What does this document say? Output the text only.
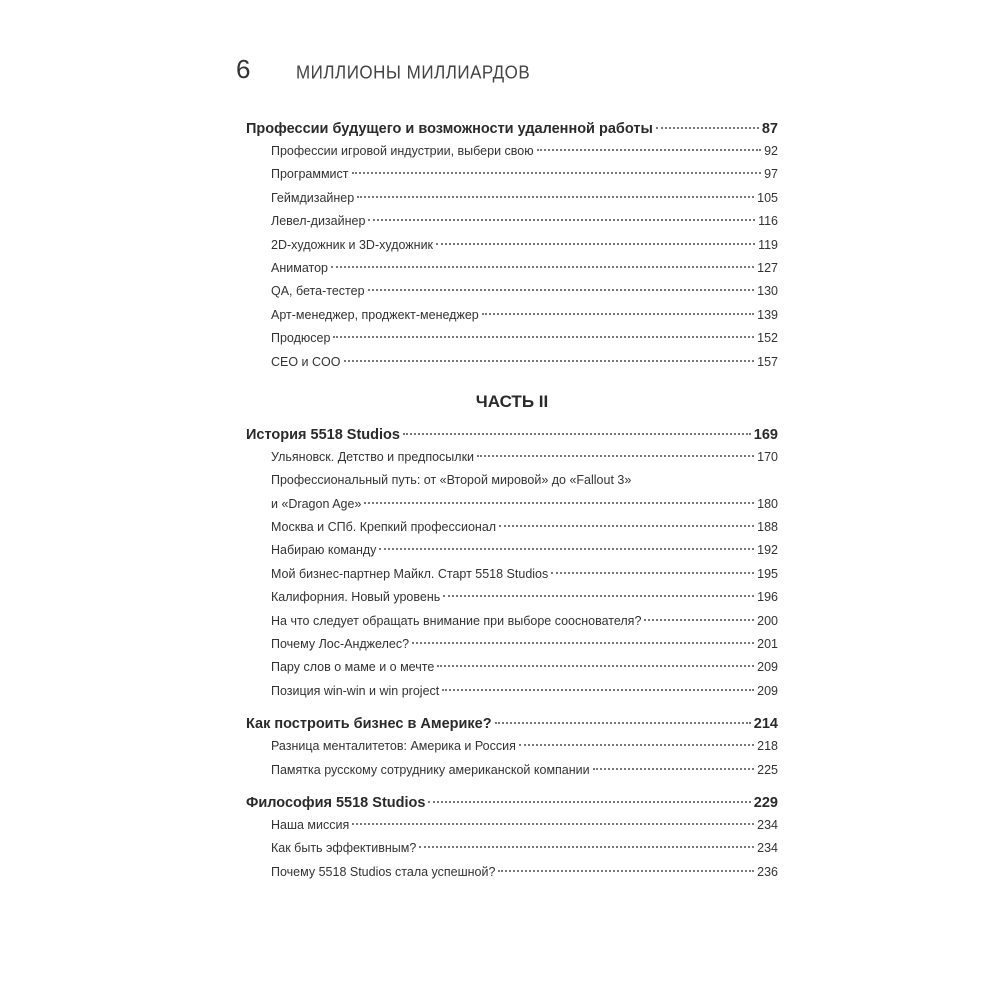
6	МИЛЛИОНЫ МИЛЛИАРДОВ
Профессии будущего и возможности удаленной работы	87
Профессии игровой индустрии, выбери свою	92
Программист	97
Геймдизайнер	105
Левел-дизайнер	116
2D-художник и 3D-художник	119
Аниматор	127
QA, бета-тестер	130
Арт-менеджер, проджект-менеджер	139
Продюсер	152
CEO и COO	157
ЧАСТЬ II
История 5518 Studios	169
Ульяновск. Детство и предпосылки	170
Профессиональный путь: от «Второй мировой» до «Fallout 3»
и «Dragon Age»	180
Москва и СПб. Крепкий профессионал	188
Набираю команду	192
Мой бизнес-партнер Майкл. Старт 5518 Studios	195
Калифорния. Новый уровень	196
На что следует обращать внимание при выборе сооснователя?	200
Почему Лос-Анджелес?	201
Пару слов о маме и о мечте	209
Позиция win-win и win project	209
Как построить бизнес в Америке?	214
Разница менталитетов: Америка и Россия	218
Памятка русскому сотруднику американской компании	225
Философия 5518 Studios	229
Наша миссия	234
Как быть эффективным?	234
Почему 5518 Studios стала успешной?	236
